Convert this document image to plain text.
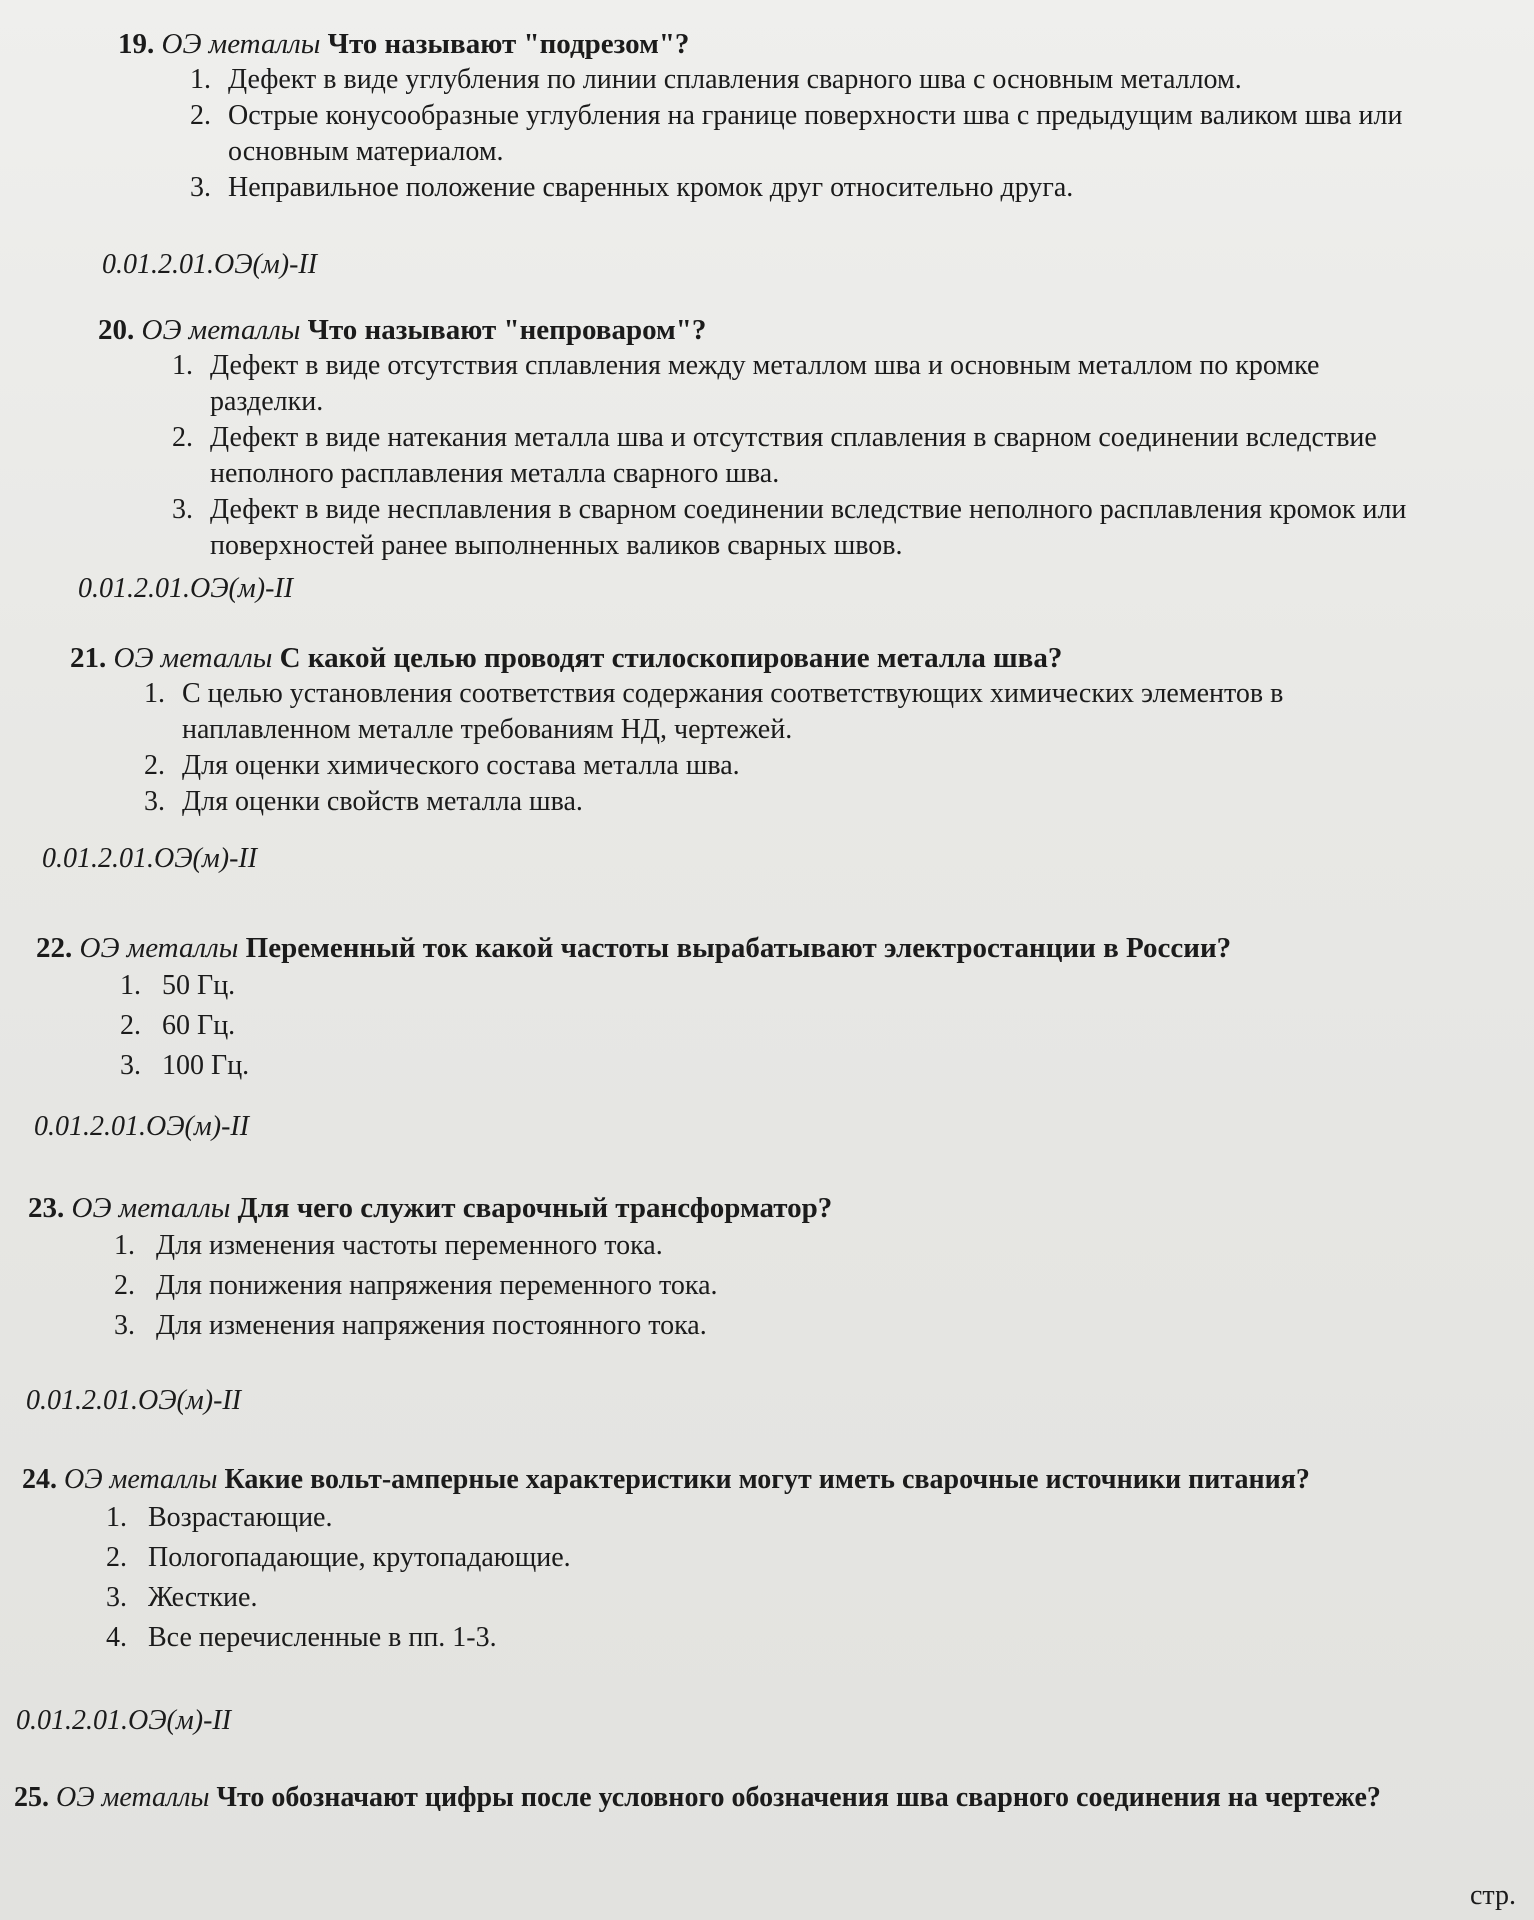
19. ОЭ металлы Что называют "подрезом"?
1. Дефект в виде углубления по линии сплавления сварного шва с основным металлом.
2. Острые конусообразные углубления на границе поверхности шва с предыдущим валиком шва или основным материалом.
3. Неправильное положение сваренных кромок друг относительно друга.
0.01.2.01.ОЭ(м)-II
20. ОЭ металлы Что называют "непроваром"?
1. Дефект в виде отсутствия сплавления между металлом шва и основным металлом по кромке разделки.
2. Дефект в виде натекания металла шва и отсутствия сплавления в сварном соединении вследствие неполного расплавления металла сварного шва.
3. Дефект в виде несплавления в сварном соединении вследствие неполного расплавления кромок или поверхностей ранее выполненных валиков сварных швов.
0.01.2.01.ОЭ(м)-II
21. ОЭ металлы С какой целью проводят стилоскопирование металла шва?
1. С целью установления соответствия содержания соответствующих химических элементов в наплавленном металле требованиям НД, чертежей.
2. Для оценки химического состава металла шва.
3. Для оценки свойств металла шва.
0.01.2.01.ОЭ(м)-II
22. ОЭ металлы Переменный ток какой частоты вырабатывают электростанции в России?
1. 50 Гц.
2. 60 Гц.
3. 100 Гц.
0.01.2.01.ОЭ(м)-II
23. ОЭ металлы Для чего служит сварочный трансформатор?
1. Для изменения частоты переменного тока.
2. Для понижения напряжения переменного тока.
3. Для изменения напряжения постоянного тока.
0.01.2.01.ОЭ(м)-II
24. ОЭ металлы Какие вольт-амперные характеристики могут иметь сварочные источники питания?
1. Возрастающие.
2. Пологопадающие, крутопадающие.
3. Жесткие.
4. Все перечисленные в пп. 1-3.
0.01.2.01.ОЭ(м)-II
25. ОЭ металлы Что обозначают цифры после условного обозначения шва сварного соединения на чертеже?
стр.
